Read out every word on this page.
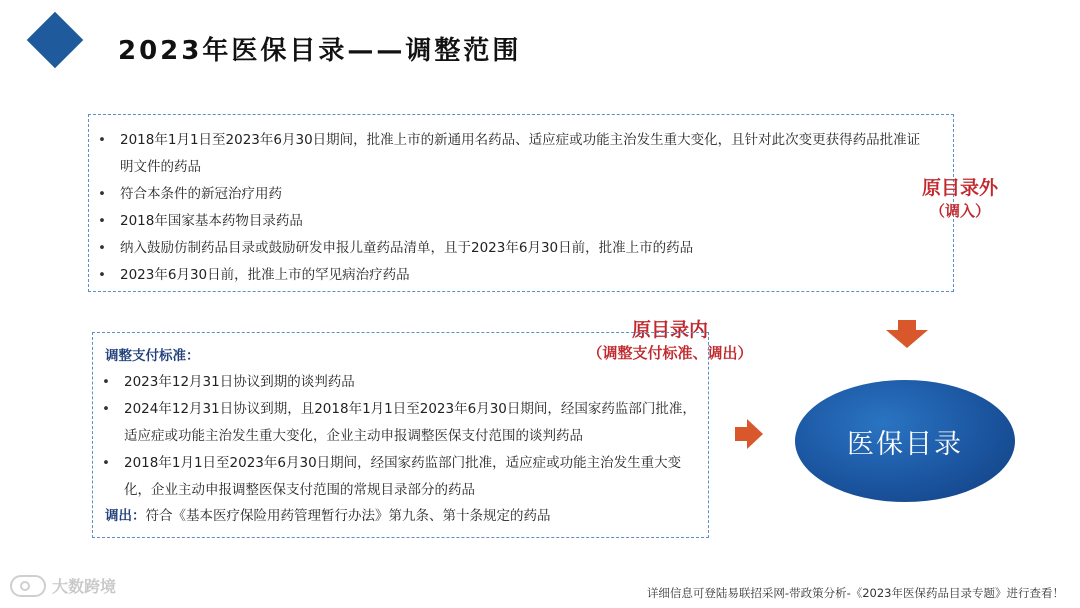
2023年医保目录——调整范围
• 2018年1月1日至2023年6月30日期间，批准上市的新通用名药品、适应症或功能主治发生重大变化，且针对此次变更获得药品批准证明文件的药品
• 符合本条件的新冠治疗用药
• 2018年国家基本药物目录药品
• 纳入鼓励仿制药品目录或鼓励研发申报儿童药品清单，且于2023年6月30日前，批准上市的药品
• 2023年6月30日前，批准上市的罕见病治疗药品
原目录外
（调入）
原目录内
（调整支付标准、调出）
调整支付标准：
• 2023年12月31日协议到期的谈判药品
• 2024年12月31日协议到期，且2018年1月1日至2023年6月30日期间，经国家药监部门批准，适应症或功能主治发生重大变化，企业主动申报调整医保支付范围的谈判药品
• 2018年1月1日至2023年6月30日期间，经国家药监部门批准，适应症或功能主治发生重大变化，企业主动申报调整医保支付范围的常规目录部分的药品
调出：符合《基本医疗保险用药管理暂行办法》第九条、第十条规定的药品
医保目录
大数跨境	详细信息可登陆易联招采网-带政策分析-《2023年医保药品目录专题》进行查看！
